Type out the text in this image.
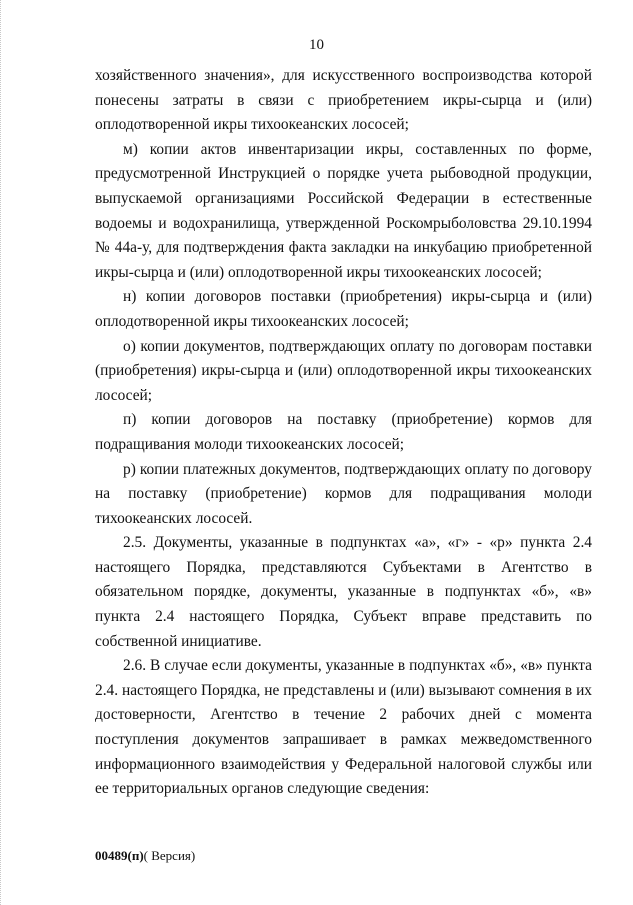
10

хозяйственного значения», для искусственного воспроизводства которой понесены затраты в связи с приобретением икры-сырца и (или) оплодотворенной икры тихоокеанских лососей;

м) копии актов инвентаризации икры, составленных по форме, предусмотренной Инструкцией о порядке учета рыбоводной продукции, выпускаемой организациями Российской Федерации в естественные водоемы и водохранилища, утвержденной Роскомрыболовства 29.10.1994 № 44а-у, для подтверждения факта закладки на инкубацию приобретенной икры-сырца и (или) оплодотворенной икры тихоокеанских лососей;

н) копии договоров поставки (приобретения) икры-сырца и (или) оплодотворенной икры тихоокеанских лососей;

о) копии документов, подтверждающих оплату по договорам поставки (приобретения) икры-сырца и (или) оплодотворенной икры тихоокеанских лососей;

п) копии договоров на поставку (приобретение) кормов для подращивания молоди тихоокеанских лососей;

р) копии платежных документов, подтверждающих оплату по договору на поставку (приобретение) кормов для подращивания молоди тихоокеанских лососей.

2.5. Документы, указанные в подпунктах «а», «г» - «р» пункта 2.4 настоящего Порядка, представляются Субъектами в Агентство в обязательном порядке, документы, указанные в подпунктах «б», «в» пункта 2.4 настоящего Порядка, Субъект вправе представить по собственной инициативе.

2.6. В случае если документы, указанные в подпунктах «б», «в» пункта 2.4. настоящего Порядка, не представлены и (или) вызывают сомнения в их достоверности, Агентство в течение 2 рабочих дней с момента поступления документов запрашивает в рамках межведомственного информационного взаимодействия у Федеральной налоговой службы или ее территориальных органов следующие сведения:

00489(п)( Версия)
